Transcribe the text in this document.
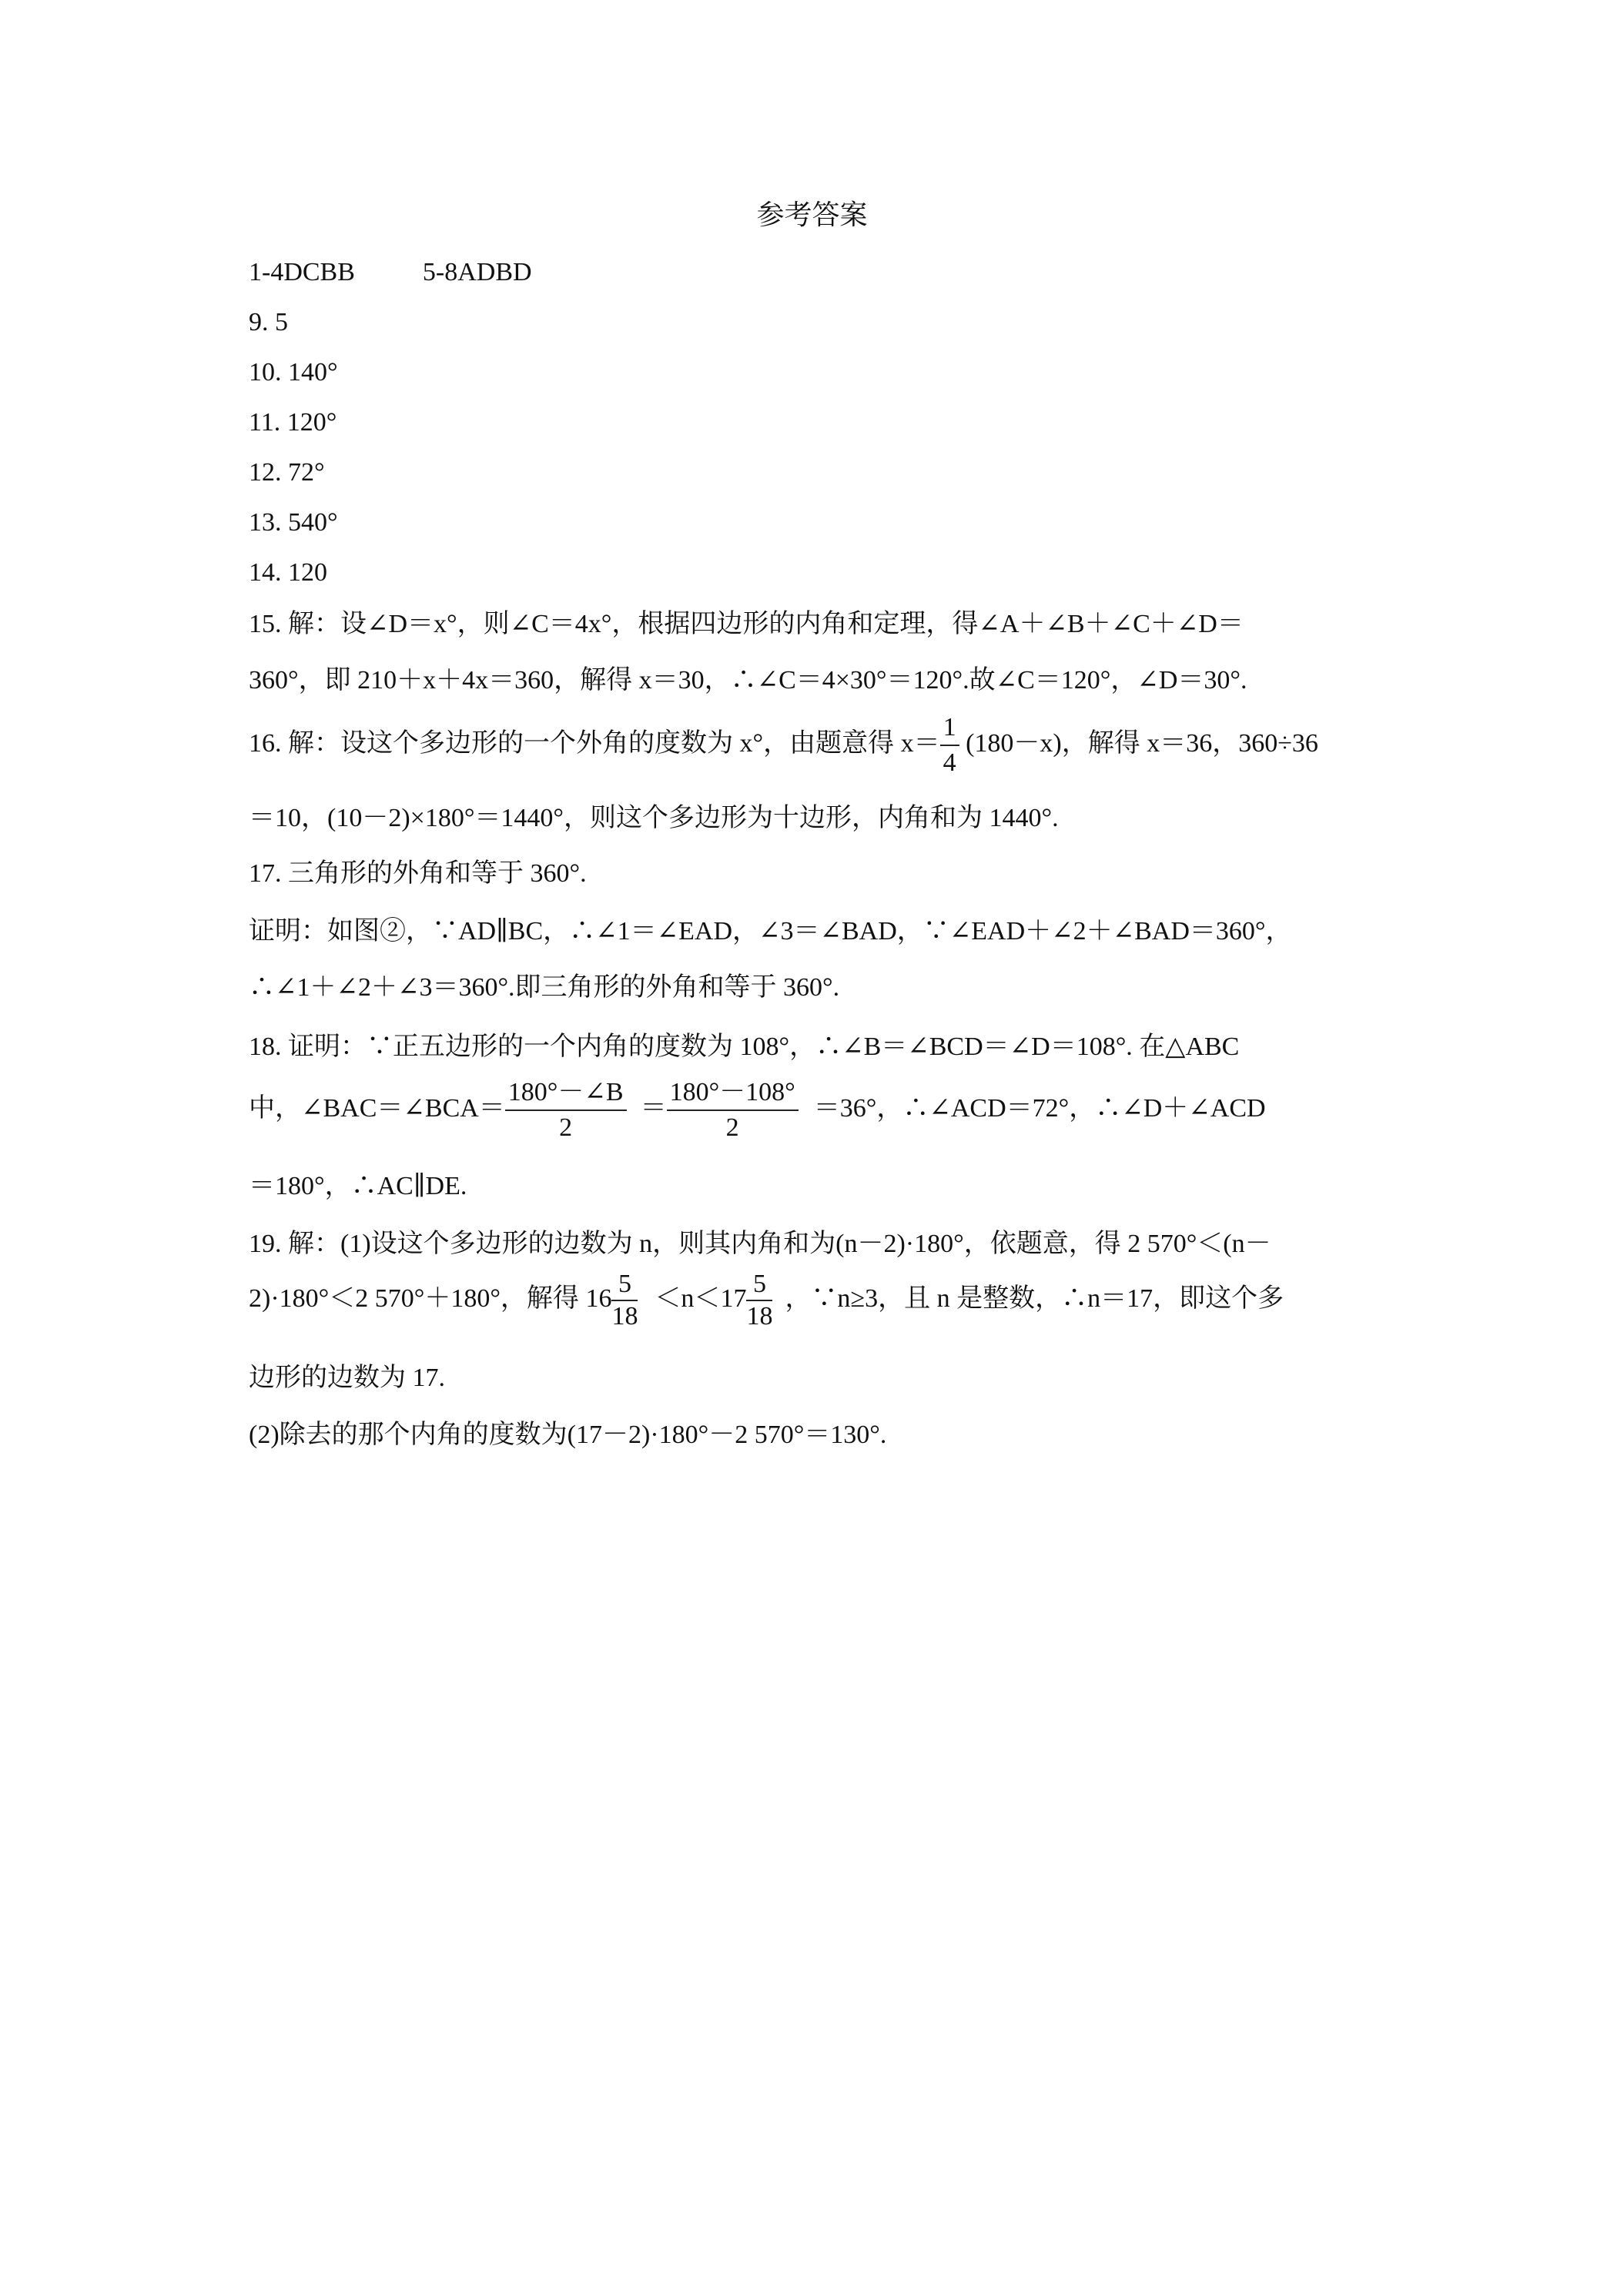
参考答案
1-4DCBB	5-8ADBD
9. 5
10. 140°
11. 120°
12. 72°
13. 540°
14. 120
15. 解：设∠D＝x°，则∠C＝4x°，根据四边形的内角和定理，得∠A＋∠B＋∠C＋∠D＝
360°，即 210＋x＋4x＝360，解得 x＝30，∴∠C＝4×30°＝120°.故∠C＝120°，∠D＝30°.
16. 解：设这个多边形的一个外角的度数为 x°，由题意得 $x= \frac{1}{4} (180-x)$，解得 x＝36，360÷36
＝10，(10－2)×180°＝1440°，则这个多边形为十边形，内角和为 1440°.
17. 三角形的外角和等于 360°.
证明：如图②，∵AD∥BC，∴∠1＝∠EAD，∠3＝∠BAD，∵∠EAD＋∠2＋∠BAD＝360°，
∴∠1＋∠2＋∠3＝360°.即三角形的外角和等于 360°.
18. 证明：∵正五边形的一个内角的度数为 108°，∴∠B＝∠BCD＝∠D＝108°. 在△ABC
中，∠BAC＝∠BCA＝ $\frac{180^\circ-\angle B}{2} = \frac{180^\circ-108^\circ}{2} =36^\circ$，∴∠ACD＝72°，∴∠D＋∠ACD
＝180°，∴AC∥DE.
19. 解：(1)设这个多边形的边数为 n，则其内角和为(n－2)·180°，依题意，得 2 570°＜(n－
2)·180°＜2 570°＋180°，解得 $16 \frac{5}{18} <n<17 \frac{5}{18}$ ，∵n≥3，且 n 是整数，∴n＝17，即这个多
边形的边数为 17.
(2)除去的那个内角的度数为(17－2)·180°－2 570°＝130°.
